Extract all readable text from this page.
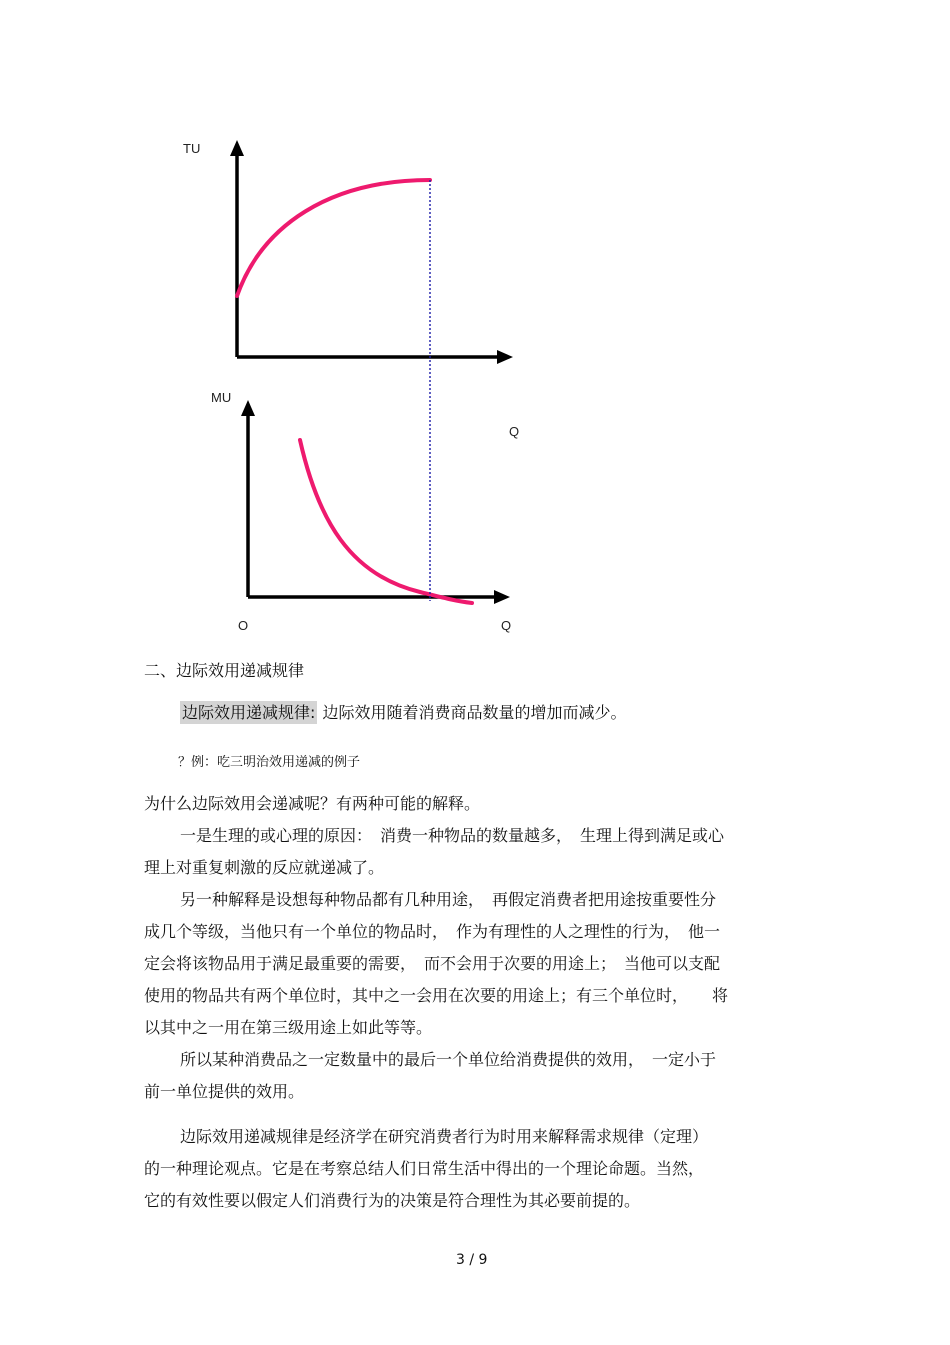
TU
MU
Q
O	Q
二、边际效用递减规律
边际效用递减规律: 边际效用随着消费商品数量的增加而减少。
？例：吃三明治效用递减的例子
为什么边际效用会递减呢？有两种可能的解释。
一是生理的或心理的原因：　消费一种物品的数量越多，　生理上得到满足或心
理上对重复刺激的反应就递减了。
另一种解释是设想每种物品都有几种用途，　再假定消费者把用途按重要性分
成几个等级，当他只有一个单位的物品时，　作为有理性的人之理性的行为，　他一
定会将该物品用于满足最重要的需要，　而不会用于次要的用途上；　当他可以支配
使用的物品共有两个单位时，其中之一会用在次要的用途上；有三个单位时，　　将
以其中之一用在第三级用途上如此等等。
所以某种消费品之一定数量中的最后一个单位给消费提供的效用，　一定小于
前一单位提供的效用。
边际效用递减规律是经济学在研究消费者行为时用来解释需求规律（定理）
的一种理论观点。它是在考察总结人们日常生活中得出的一个理论命题。当然，
它的有效性要以假定人们消费行为的决策是符合理性为其必要前提的。
3 / 9
